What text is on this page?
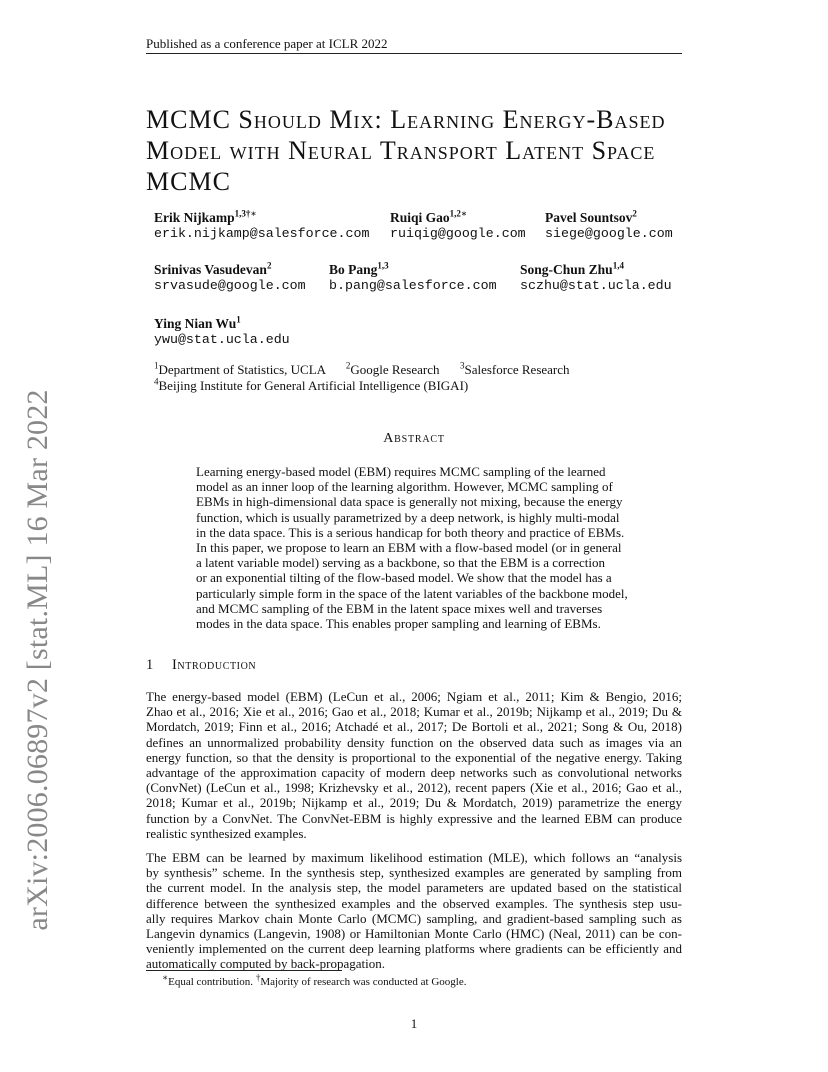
Published as a conference paper at ICLR 2022
arXiv:2006.06897v2 [stat.ML] 16 Mar 2022
MCMC Should Mix: Learning Energy-Based
Model with Neural Transport Latent Space
MCMC
Erik Nijkamp$^{1,3\dagger∗}$
erik.nijkamp@salesforce.com
Ruiqi Gao$^{1,2∗}$
ruiqig@google.com
Pavel Sountsov$^2$
siege@google.com
Srinivas Vasudevan$^2$
srvasude@google.com
Bo Pang$^{1,3}$
b.pang@salesforce.com
Song-Chun Zhu$^{1,4}$
sczhu@stat.ucla.edu
Ying Nian Wu$^1$
ywu@stat.ucla.edu
$^1$Department of Statistics, UCLA $^2$Google Research $^3$Salesforce Research
$^4$Beijing Institute for General Artificial Intelligence (BIGAI)
Abstract
Learning energy-based model (EBM) requires MCMC sampling of the learned
model as an inner loop of the learning algorithm. However, MCMC sampling of
EBMs in high-dimensional data space is generally not mixing, because the energy
function, which is usually parametrized by a deep network, is highly multi-modal
in the data space. This is a serious handicap for both theory and practice of EBMs.
In this paper, we propose to learn an EBM with a flow-based model (or in general
a latent variable model) serving as a backbone, so that the EBM is a correction
or an exponential tilting of the flow-based model. We show that the model has a
particularly simple form in the space of the latent variables of the backbone model,
and MCMC sampling of the EBM in the latent space mixes well and traverses
modes in the data space. This enables proper sampling and learning of EBMs.
1 Introduction
The energy-based model (EBM) (LeCun et al., 2006; Ngiam et al., 2011; Kim & Bengio, 2016;
Zhao et al., 2016; Xie et al., 2016; Gao et al., 2018; Kumar et al., 2019b; Nijkamp et al., 2019; Du &
Mordatch, 2019; Finn et al., 2016; Atchadé et al., 2017; De Bortoli et al., 2021; Song & Ou, 2018)
defines an unnormalized probability density function on the observed data such as images via an
energy function, so that the density is proportional to the exponential of the negative energy. Taking
advantage of the approximation capacity of modern deep networks such as convolutional networks
(ConvNet) (LeCun et al., 1998; Krizhevsky et al., 2012), recent papers (Xie et al., 2016; Gao et al.,
2018; Kumar et al., 2019b; Nijkamp et al., 2019; Du & Mordatch, 2019) parametrize the energy
function by a ConvNet. The ConvNet-EBM is highly expressive and the learned EBM can produce
realistic synthesized examples.
The EBM can be learned by maximum likelihood estimation (MLE), which follows an “analysis
by synthesis” scheme. In the synthesis step, synthesized examples are generated by sampling from
the current model. In the analysis step, the model parameters are updated based on the statistical
difference between the synthesized examples and the observed examples. The synthesis step usu-
ally requires Markov chain Monte Carlo (MCMC) sampling, and gradient-based sampling such as
Langevin dynamics (Langevin, 1908) or Hamiltonian Monte Carlo (HMC) (Neal, 2011) can be con-
veniently implemented on the current deep learning platforms where gradients can be efficiently and
automatically computed by back-propagation.
∗Equal contribution. †Majority of research was conducted at Google.
1
